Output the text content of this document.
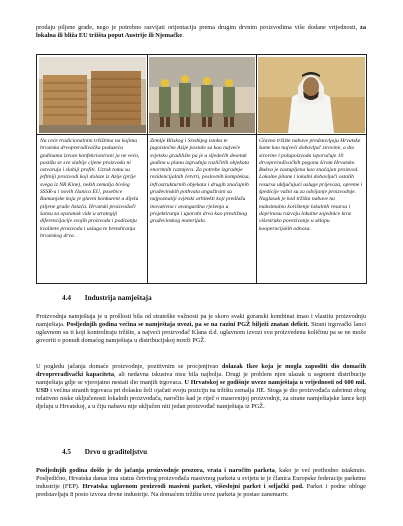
prodaju piljene građe, nego je potrebno razvijati orijentaciju prema drugim drvnim proizvodima više dodane vrijednosti, za lokalna ili bliža EU tržišta poput Austrije ili Njemačke.

Na ceće tradicionalnim tržištima na kojima hrvatska drvoprerađivačka poduzeća godinama izvoze konfekcionirani ja ne većo, postižu se sve slabije cijene proizvoda ni ostvaruju i slabiji profiti. Uzrok tomu su jeftiniji proizvodi koji dolaze iz Azije (prije svega iz NR Kine), nekih zemalja bivšeg SSSR-a i novih članica EU, posebice Rumunjske koja je glavni konkurent u dijelu piljene građe listača. Hrvatski proizvođači šansu za opstanak vide u strategiji diferencijacije svojih proizvoda i podizanju kvalitete proizvoda i usluga te brendiranju hrvatskog drva.

Zemlje Bliskog i Srednjeg istoka te jugoistočne Azije postale su kao najveće svjetsko gradilište pa je u sljedećih desetak godina u planu izgradnja različitih objekata enormnih razmjera. Za potrebe izgradnje rezidencijalnih četvrti, poslovnih kompleksa, infrastrukturnih objekata i drugih značajnih građevinskih pothvata angažirani su najpoznatiji svjetski arhitekti koji predlažu inovativna i avangardna rješenja u projektiranju i uporabi drva kao prestižnog građevinskog materijala.

Glavno tržište nabave predstavljaju Hrvatske šume kao najveći dobavljač sirovine, a dio sirovine i polupoizvoda isporučuje 10 drvoprerađivačkih pogona širom Hrvatske. Bukva je zastupljena kao značajan proizvod. Lokalne pilane i lokalni dobavljači ostalih resursa uključujući usluge prijevoza, opreme i špedicije važni su za odvijanje proizvodnje. Naglasak je kod tržišta nabave na maksimalno korištenje lokalnih resursa i doprinosu razvoju lokalne zajednice kroz višestruko povezivanje u sklopu kooperacijskih odnosa.

4.4 Industrija namještaja

Proizvodnja namještaja je u prošlosti bila od strateške važnosti pa je skoro svaki goranski kombinat imao i vlastitu proizvodnju namještaja. Posljednjih godina većina se namještaja uvozi, pa se na razini PGŽ bilježi znatan deficit. Strani trgovački lanci uglavnom su ti koji kontroliraju tržište, a najveći proizvođač Klana d.d. uglavnom izvozi svu proizvedenu količinu pa se ne može govoriti o ponudi domaćeg namještaja u distribucijskoj mreži PGŽ.

U pogledu jačanja domaće proizvodnje, pozitivnim se procjenjivao dolazak Ikee koja je mogla zaposliti dio domaćih drvoprerađivački kapaciteta, ali nedavna iskustva nisu bila najbolja. Drugi je problem njen ulazak u segment distribucije namještaja gdje se vjerojatno nestati dio manjih trgovaca. U Hrvatskoj se godišnje uveze namještaja u vrijednosti od 600 mil. USD i većina stranih trgovaca pri dolasku želi ojačati svoju poziciju na tržištu zemalja JIE. Stoga je dio proizvođača zabrinut zbog relativno niske uključenosti lokalnih proizvođača, naročito kad je riječ o masovnijoj proizvodnji, za strane namještajske lance koji djeluju u Hrvatskoj, a u čiju nabavu nije uključen niti jedan proizvođač namještaja iz PGŽ.

4.5 Drvo u graditeljstvu

Posljednjih godina došlo je do jačanja proizvodnje prozora, vrata i naročito parketa, kako je već prethodno istaknuto. Posljedično, Hrvatska danas ima status četvrtog proizvođača masivnog parketa u svijetu te je članica Europske federacije parketne industrije (FEP). Hrvatska uglavnom proizvodi masivni parket, višeslojni parket i seljački pod. Parket i podne obloge predstavljaju 8 posto izvoza drvne industrije. Na domaćem tržištu uvoz parketa je postao zanemariv.
